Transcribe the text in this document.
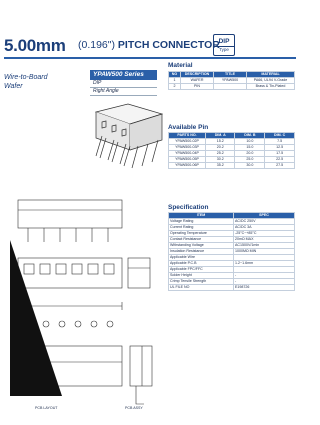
5.00mm (0.196") PITCH CONNECTOR
DIP
Type
Wire-to-Board
Wafer
YPAW500 Series
DIP
Right Angle
Material
NO	DESCRIPTION	TITLE	MATERIAL
1	WAFER	YPAW500	PA66, UL94 V-Grade
2	PIN		Brass & Tin-Plated
Available Pin
PARTS NO.	DIM. A	DIM. B	DIM. C
YPAW500-02P	15.2	10.0	7.5
YPAW500-03P	20.2	15.0	12.5
YPAW500-04P	25.2	20.0	17.5
YPAW500-05P	30.2	25.0	22.5
YPAW500-06P	35.2	30.0	27.5
Specification
ITEM	SPEC
Voltage Rating	AC/DC 250V
Current Rating	AC/DC 3A
Operating Temperature	-25°C~+85°C
Contact Resistance	20mΩ MAX
Withstanding Voltage	AC1500V/1min
Insulation Resistance	1000MΩ MIN
Applicable Wire	
Applicable P.C.B	1.2~1.6mm
Applicable FPC/FFC	
Solder Height	-
Crimp Tensile Strength	-
UL FILE NO	E198726
PCB LAYOUT	PCB ASSY
